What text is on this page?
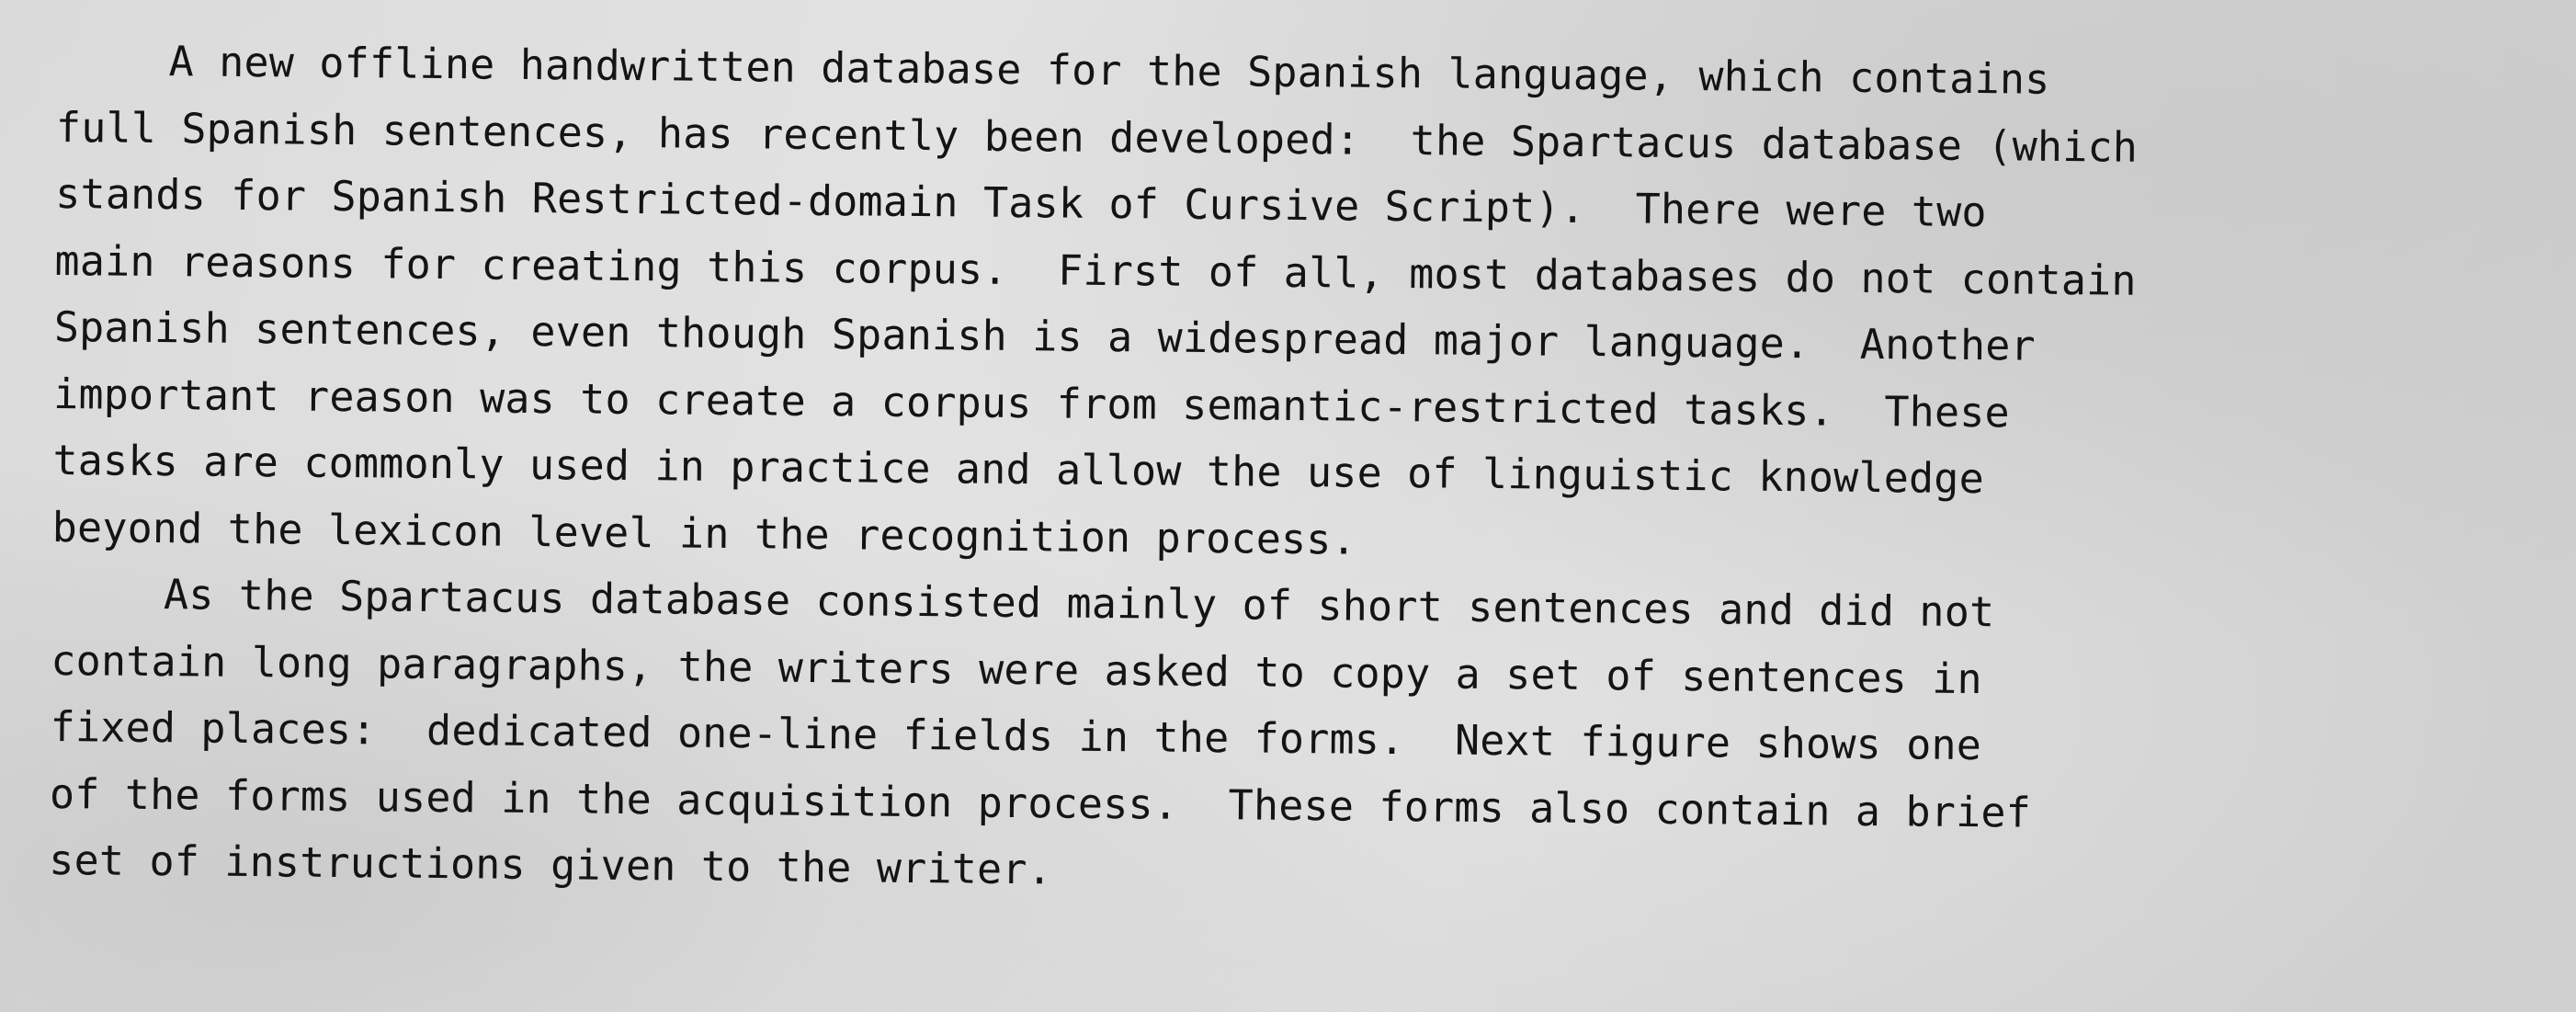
A new offline handwritten database for the Spanish language, which contains
full Spanish sentences, has recently been developed:  the Spartacus database (which
stands for Spanish Restricted-domain Task of Cursive Script).  There were two
main reasons for creating this corpus.  First of all, most databases do not contain
Spanish sentences, even though Spanish is a widespread major language.  Another
important reason was to create a corpus from semantic-restricted tasks.  These
tasks are commonly used in practice and allow the use of linguistic knowledge
beyond the lexicon level in the recognition process.
As the Spartacus database consisted mainly of short sentences and did not
contain long paragraphs, the writers were asked to copy a set of sentences in
fixed places:  dedicated one-line fields in the forms.  Next figure shows one
of the forms used in the acquisition process.  These forms also contain a brief
set of instructions given to the writer.
